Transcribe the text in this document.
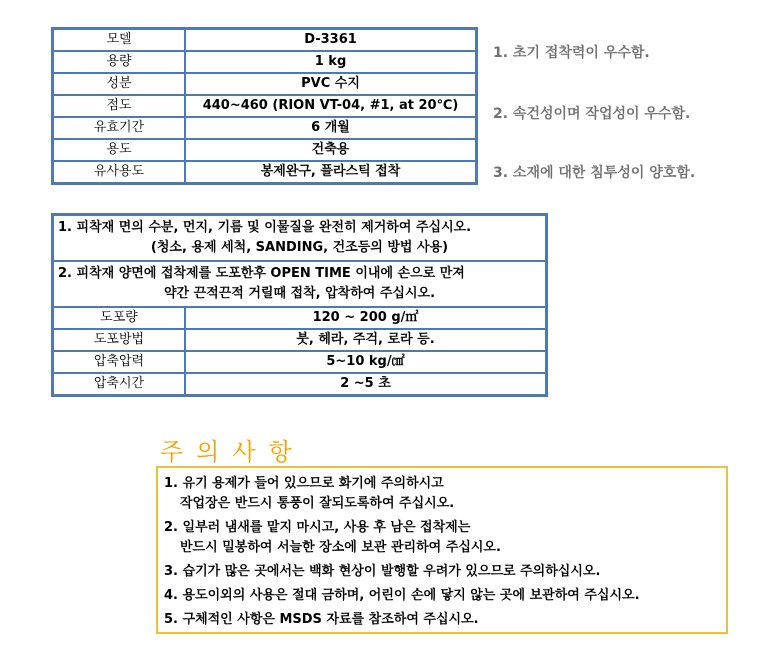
모델	D-3361
용량	1 kg
성분	PVC 수지
점도	440~460 (RION VT-04, #1, at 20℃)
유효기간	6 개월
용도	건축용
유사용도	봉제완구, 플라스틱 접착
1. 초기 접착력이 우수함.
2. 속건성이며 작업성이 우수함.
3. 소재에 대한 침투성이 양호함.
1. 피착재 면의 수분, 먼지, 기름 및 이물질을 완전히 제거하여 주십시오.
(청소, 용제 세척, SANDING, 건조등의 방법 사용)	

2. 피착재 양면에 접착제를 도포한후 OPEN TIME 이내에 손으로 만져
약간 끈적끈적 거릴때 접착, 압착하여 주십시오.	

도포량	120 ~ 200 g/㎡
도포방법	붓, 헤라, 주걱, 로라 등.
압축압력	5~10 kg/㎠
압축시간	2 ~5 초
주의사항
1. 유기 용제가 들어 있으므로 화기에 주의하시고
작업장은 반드시 통풍이 잘되도록하여 주십시오.
2. 일부러 냄새를 맡지 마시고, 사용 후 남은 접착제는
반드시 밀봉하여 서늘한 장소에 보관 관리하여 주십시오.
3. 습기가 많은 곳에서는 백화 현상이 발행할 우려가 있으므로 주의하십시오.
4. 용도이외의 사용은 절대 금하며, 어린이 손에 닿지 않는 곳에 보관하여 주십시오.
5. 구체적인 사항은 MSDS 자료를 참조하여 주십시오.
